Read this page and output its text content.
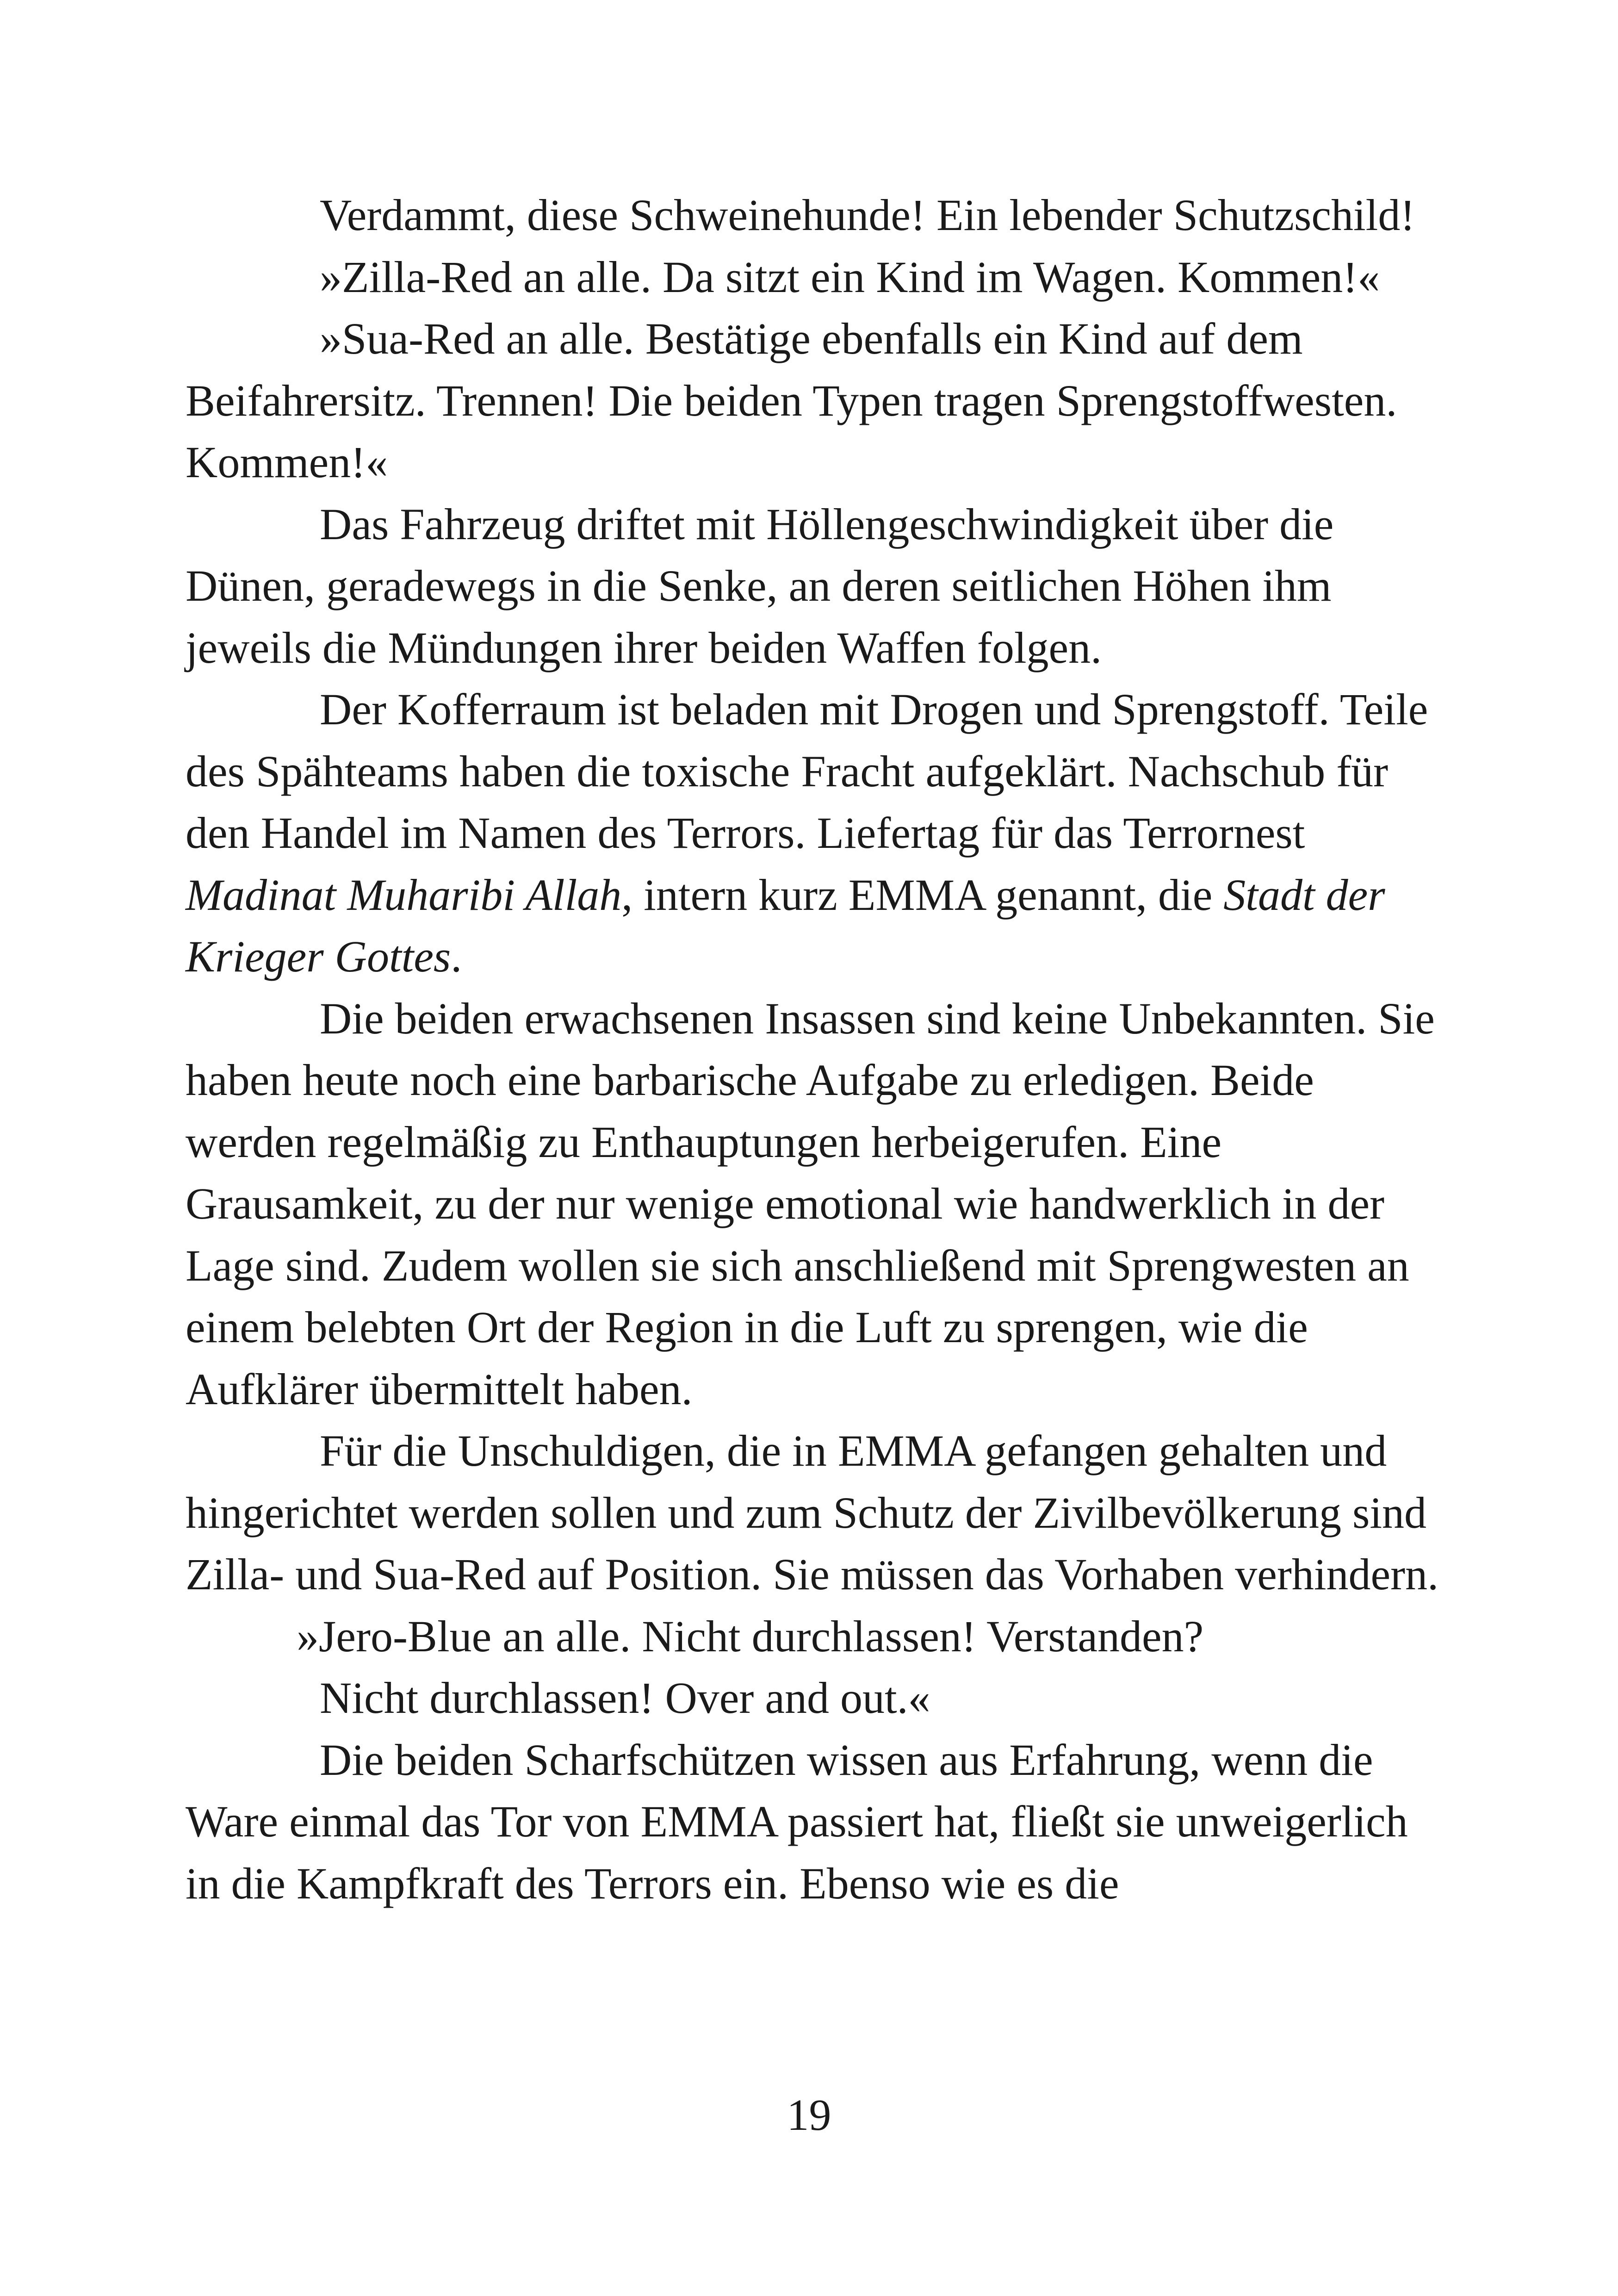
Verdammt, diese Schweinehunde! Ein lebender Schutzschild!

»Zilla-Red an alle. Da sitzt ein Kind im Wagen. Kommen!«

»Sua-Red an alle. Bestätige ebenfalls ein Kind auf dem Beifahrersitz. Trennen! Die beiden Typen tragen Sprengstoffwesten. Kommen!«

Das Fahrzeug driftet mit Höllengeschwindigkeit über die Dünen, geradewegs in die Senke, an deren seitlichen Höhen ihm jeweils die Mündungen ihrer beiden Waffen folgen.

Der Kofferraum ist beladen mit Drogen und Sprengstoff. Teile des Spähteams haben die toxische Fracht aufgeklärt. Nachschub für den Handel im Namen des Terrors. Liefertag für das Terrornest Madinat Muharibi Allah, intern kurz EMMA genannt, die Stadt der Krieger Gottes.

Die beiden erwachsenen Insassen sind keine Unbekannten. Sie haben heute noch eine barbarische Aufgabe zu erledigen. Beide werden regelmäßig zu Enthauptungen herbeigerufen. Eine Grausamkeit, zu der nur wenige emotional wie handwerklich in der Lage sind. Zudem wollen sie sich anschließend mit Sprengwesten an einem belebten Ort der Region in die Luft zu sprengen, wie die Aufklärer übermittelt haben.

Für die Unschuldigen, die in EMMA gefangen gehalten und hingerichtet werden sollen und zum Schutz der Zivilbevölkerung sind Zilla- und Sua-Red auf Position. Sie müssen das Vorhaben verhindern.

»Jero-Blue an alle. Nicht durchlassen! Verstanden?

Nicht durchlassen! Over and out.«

Die beiden Scharfschützen wissen aus Erfahrung, wenn die Ware einmal das Tor von EMMA passiert hat, fließt sie unweigerlich in die Kampfkraft des Terrors ein. Ebenso wie es die

19
